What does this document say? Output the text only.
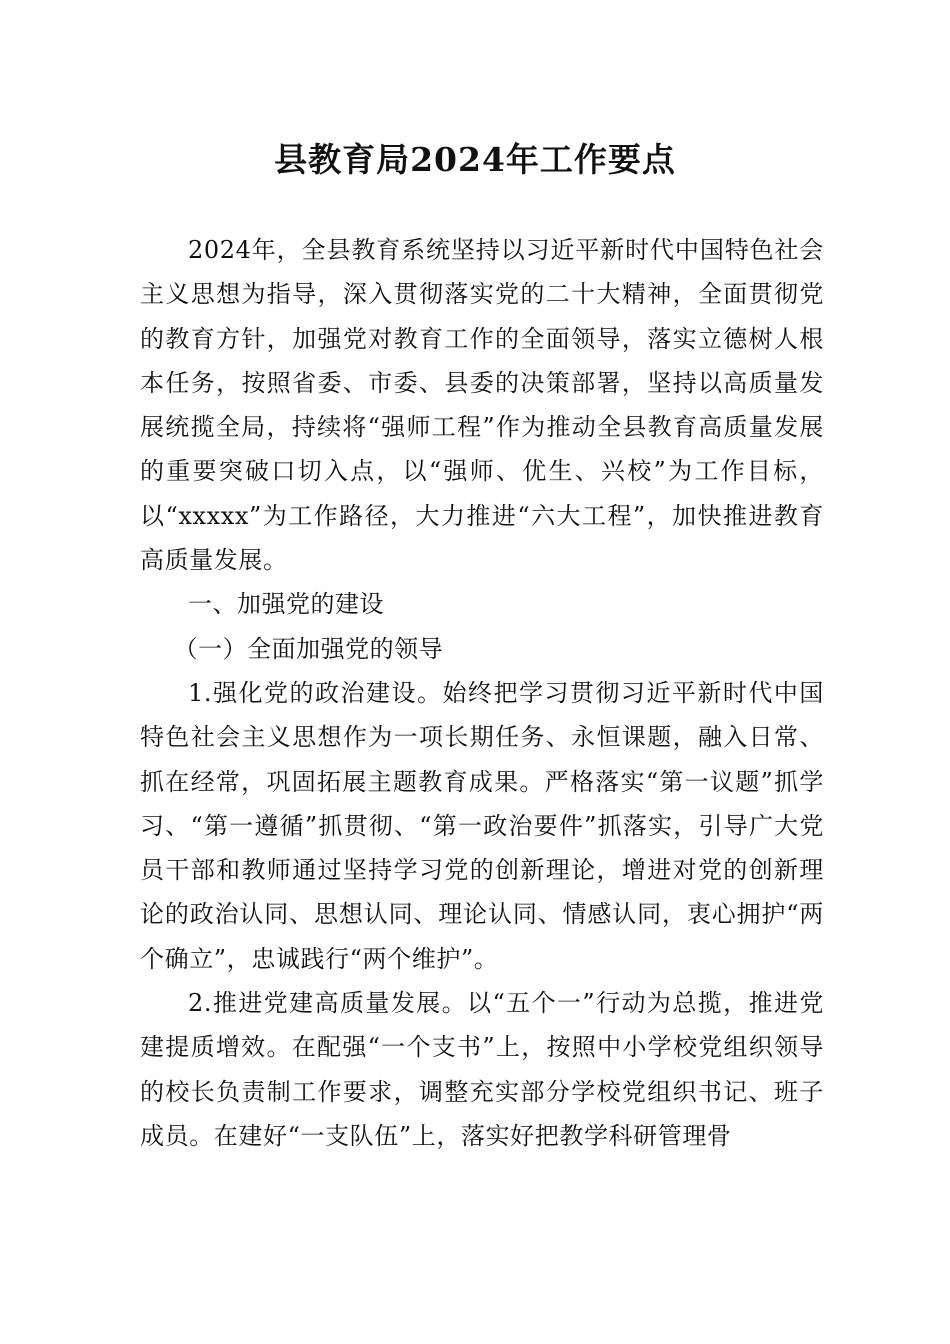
县教育局2024年工作要点

2024年，全县教育系统坚持以习近平新时代中国特色社会主义思想为指导，深入贯彻落实党的二十大精神，全面贯彻党的教育方针，加强党对教育工作的全面领导，落实立德树人根本任务，按照省委、市委、县委的决策部署，坚持以高质量发展统揽全局，持续将“强师工程”作为推动全县教育高质量发展的重要突破口切入点，以“强师、优生、兴校”为工作目标，以“xxxxx”为工作路径，大力推进“六大工程”，加快推进教育高质量发展。

一、加强党的建设
（一）全面加强党的领导

1.强化党的政治建设。始终把学习贯彻习近平新时代中国特色社会主义思想作为一项长期任务、永恒课题，融入日常、抓在经常，巩固拓展主题教育成果。严格落实“第一议题”抓学习、“第一遵循”抓贯彻、“第一政治要件”抓落实，引导广大党员干部和教师通过坚持学习党的创新理论，增进对党的创新理论的政治认同、思想认同、理论认同、情感认同，衷心拥护“两个确立”，忠诚践行“两个维护”。

2.推进党建高质量发展。以“五个一”行动为总揽，推进党建提质增效。在配强“一个支书”上，按照中小学校党组织领导的校长负责制工作要求，调整充实部分学校党组织书记、班子成员。在建好“一支队伍”上，落实好把教学科研管理骨
